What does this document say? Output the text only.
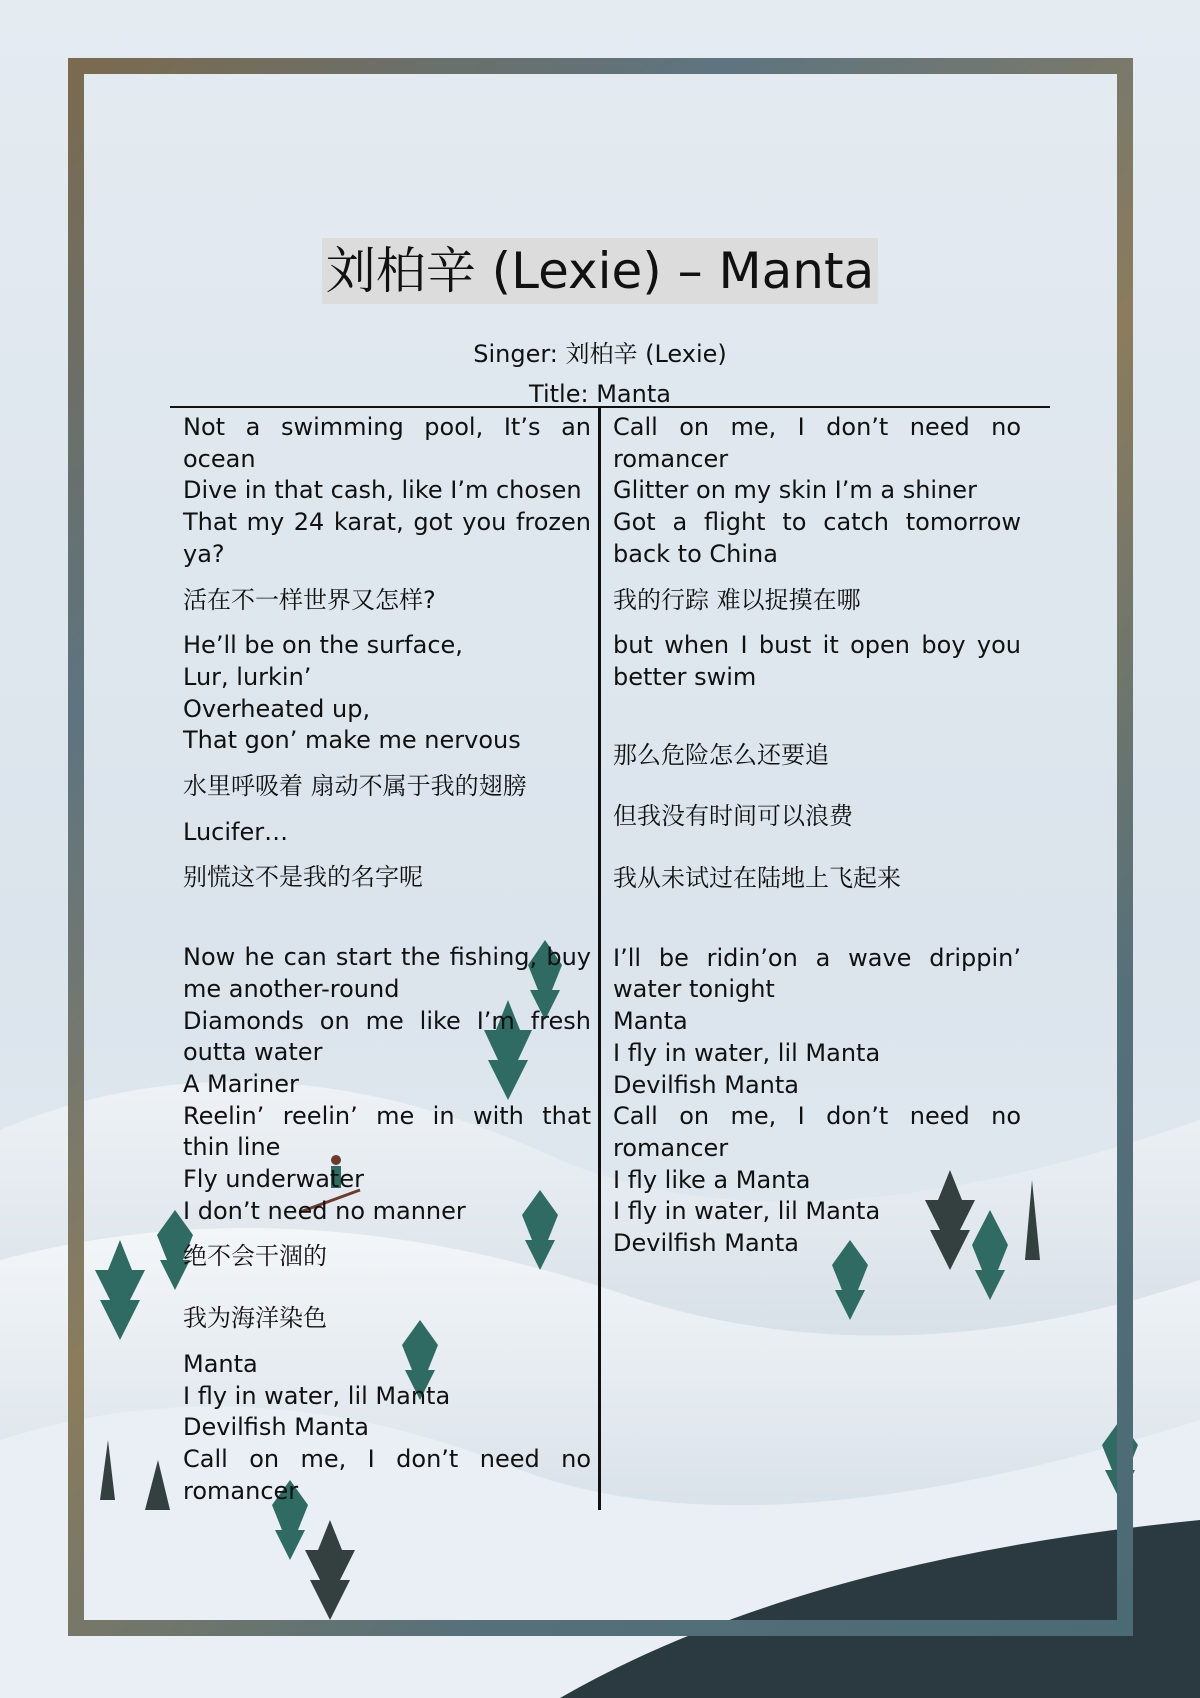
刘柏辛 (Lexie) – Manta
Singer: 刘柏辛 (Lexie)
Title: Manta
Not a swimming pool, It’s an ocean
Dive in that cash, like I’m chosen
That my 24 karat, got you frozen ya?
活在不一样世界又怎样?
He’ll be on the surface,
Lur, lurkin’
Overheated up,
That gon’ make me nervous
水里呼吸着 扇动不属于我的翅膀
Lucifer…
别慌这不是我的名字呢
Now he can start the fishing, buy me another-round
Diamonds on me like I’m fresh outta water
A Mariner
Reelin’ reelin’ me in with that thin line
Fly underwater
I don’t need no manner
绝不会干涸的
我为海洋染色
Manta
I fly in water, lil Manta
Devilfish Manta
Call on me, I don’t need no romancer
Call on me, I don’t need no romancer
Glitter on my skin I’m a shiner
Got a flight to catch tomorrow back to China
我的行踪 难以捉摸在哪
but when I bust it open boy you better swim
那么危险怎么还要追
但我没有时间可以浪费
我从未试过在陆地上飞起来
I’ll be ridin’on a wave drippin’ water tonight
Manta
I fly in water, lil Manta
Devilfish Manta
Call on me, I don’t need no romancer
I fly like a Manta
I fly in water, lil Manta
Devilfish Manta
